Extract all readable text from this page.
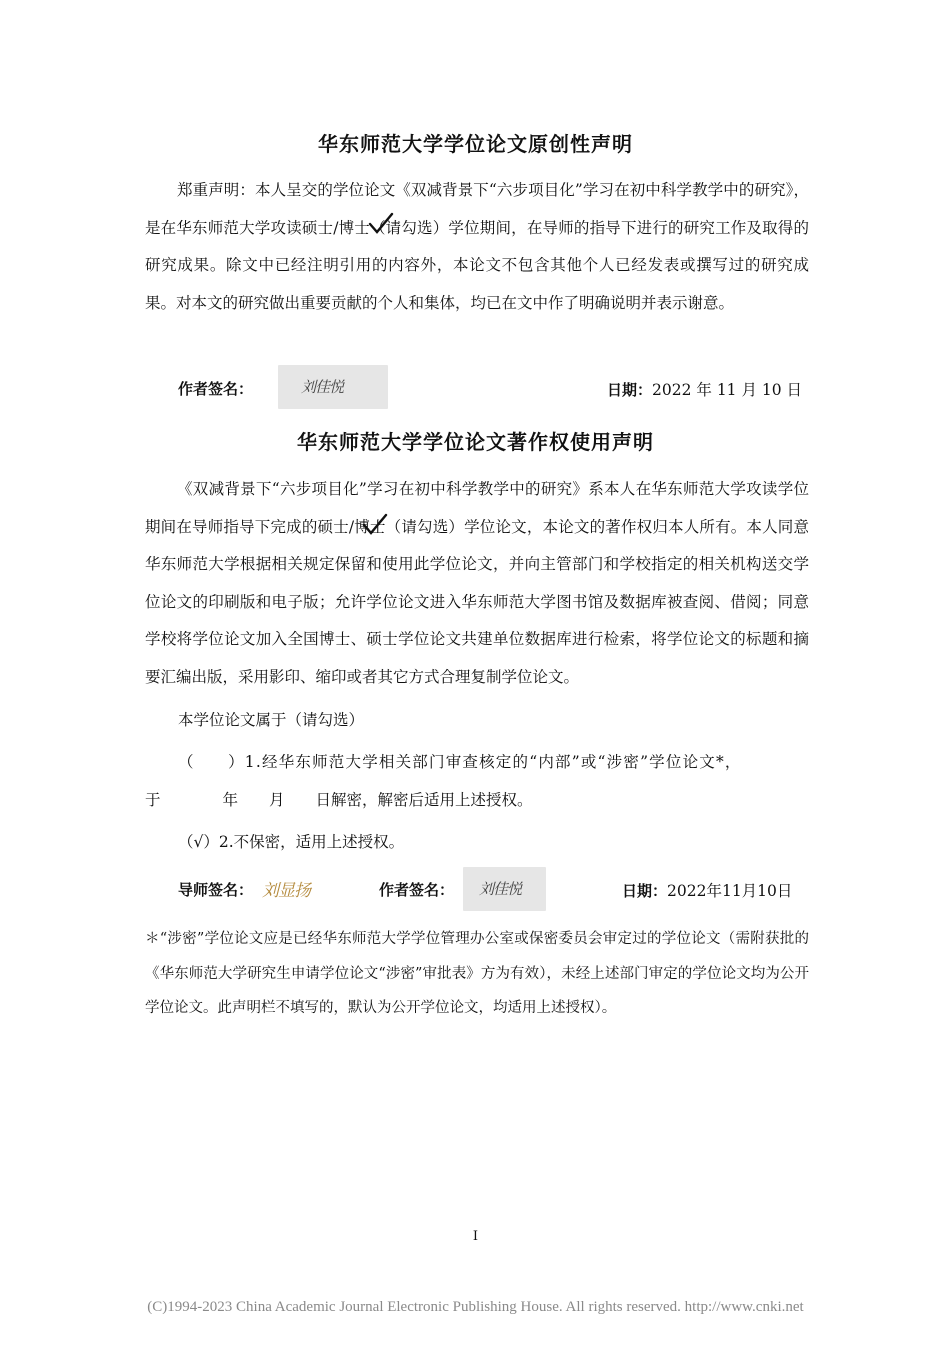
华东师范大学学位论文原创性声明
郑重声明：本人呈交的学位论文《双减背景下“六步项目化”学习在初中科学教学中的研究》，是在华东师范大学攻读硕士/博士（请勾选）学位期间，在导师的指导下进行的研究工作及取得的研究成果。除文中已经注明引用的内容外，本论文不包含其他个人已经发表或撰写过的研究成果。对本文的研究做出重要贡献的个人和集体，均已在文中作了明确说明并表示谢意。
作者签名：	刘佳悦	日期：2022 年 11 月 10 日
华东师范大学学位论文著作权使用声明
《双减背景下“六步项目化”学习在初中科学教学中的研究》系本人在华东师范大学攻读学位期间在导师指导下完成的硕士/博士（请勾选）学位论文，本论文的著作权归本人所有。本人同意华东师范大学根据相关规定保留和使用此学位论文，并向主管部门和学校指定的相关机构送交学位论文的印刷版和电子版；允许学位论文进入华东师范大学图书馆及数据库被查阅、借阅；同意学校将学位论文加入全国博士、硕士学位论文共建单位数据库进行检索，将学位论文的标题和摘要汇编出版，采用影印、缩印或者其它方式合理复制学位论文。
本学位论文属于（请勾选）
（　　）1.经华东师范大学相关部门审查核定的“内部”或“涉密”学位论文*，
于　　　　年　　月　　日解密，解密后适用上述授权。
（√）2.不保密，适用上述授权。
导师签名： 刘显扬	作者签名： 刘佳悦	日期：2022年11月10日
＊“涉密”学位论文应是已经华东师范大学学位管理办公室或保密委员会审定过的学位论文（需附获批的《华东师范大学研究生申请学位论文“涉密”审批表》方为有效），未经上述部门审定的学位论文均为公开学位论文。此声明栏不填写的，默认为公开学位论文，均适用上述授权）。
I
(C)1994-2023 China Academic Journal Electronic Publishing House. All rights reserved. http://www.cnki.net
